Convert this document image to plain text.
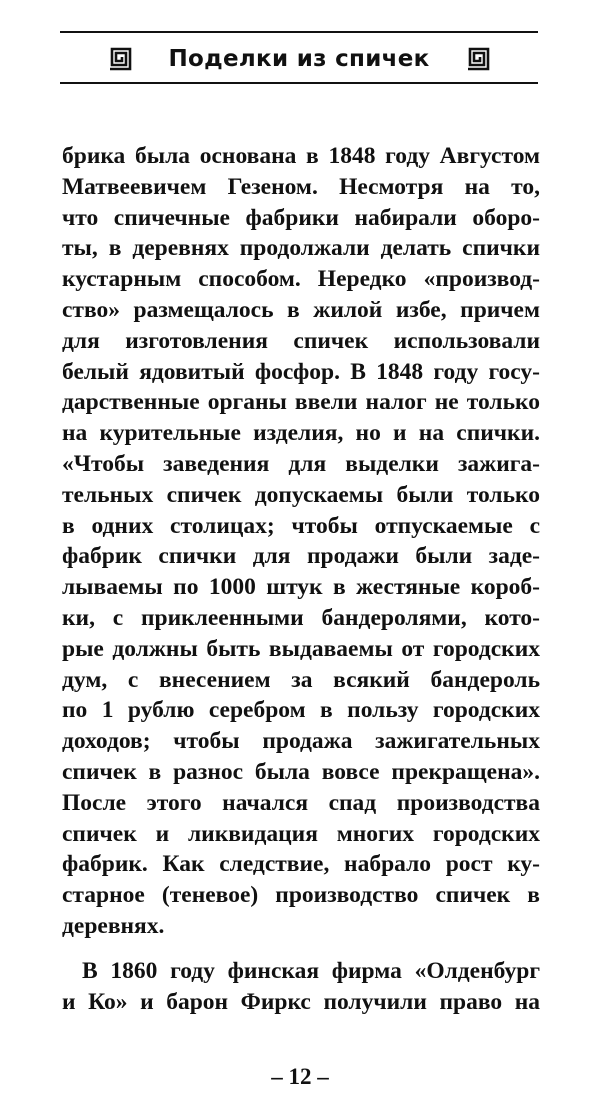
Поделки из спичек
брика была основана в 1848 году Августом
Матвеевичем Гезеном. Несмотря на то,
что спичечные фабрики набирали оборо-
ты, в деревнях продолжали делать спички
кустарным способом. Нередко «производ-
ство» размещалось в жилой избе, причем
для изготовления спичек использовали
белый ядовитый фосфор. В 1848 году госу-
дарственные органы ввели налог не только
на курительные изделия, но и на спички.
«Чтобы заведения для выделки зажига-
тельных спичек допускаемы были только
в одних столицах; чтобы отпускаемые с
фабрик спички для продажи были заде-
лываемы по 1000 штук в жестяные короб-
ки, с приклеенными бандеролями, кото-
рые должны быть выдаваемы от городских
дум, с внесением за всякий бандероль
по 1 рублю серебром в пользу городских
доходов; чтобы продажа зажигательных
спичек в разнос была вовсе прекращена».
После этого начался спад производства
спичек и ликвидация многих городских
фабрик. Как следствие, набрало рост ку-
старное (теневое) производство спичек в
деревнях.
В 1860 году финская фирма «Олденбург
и Ко» и барон Фиркс получили право на
– 12 –
